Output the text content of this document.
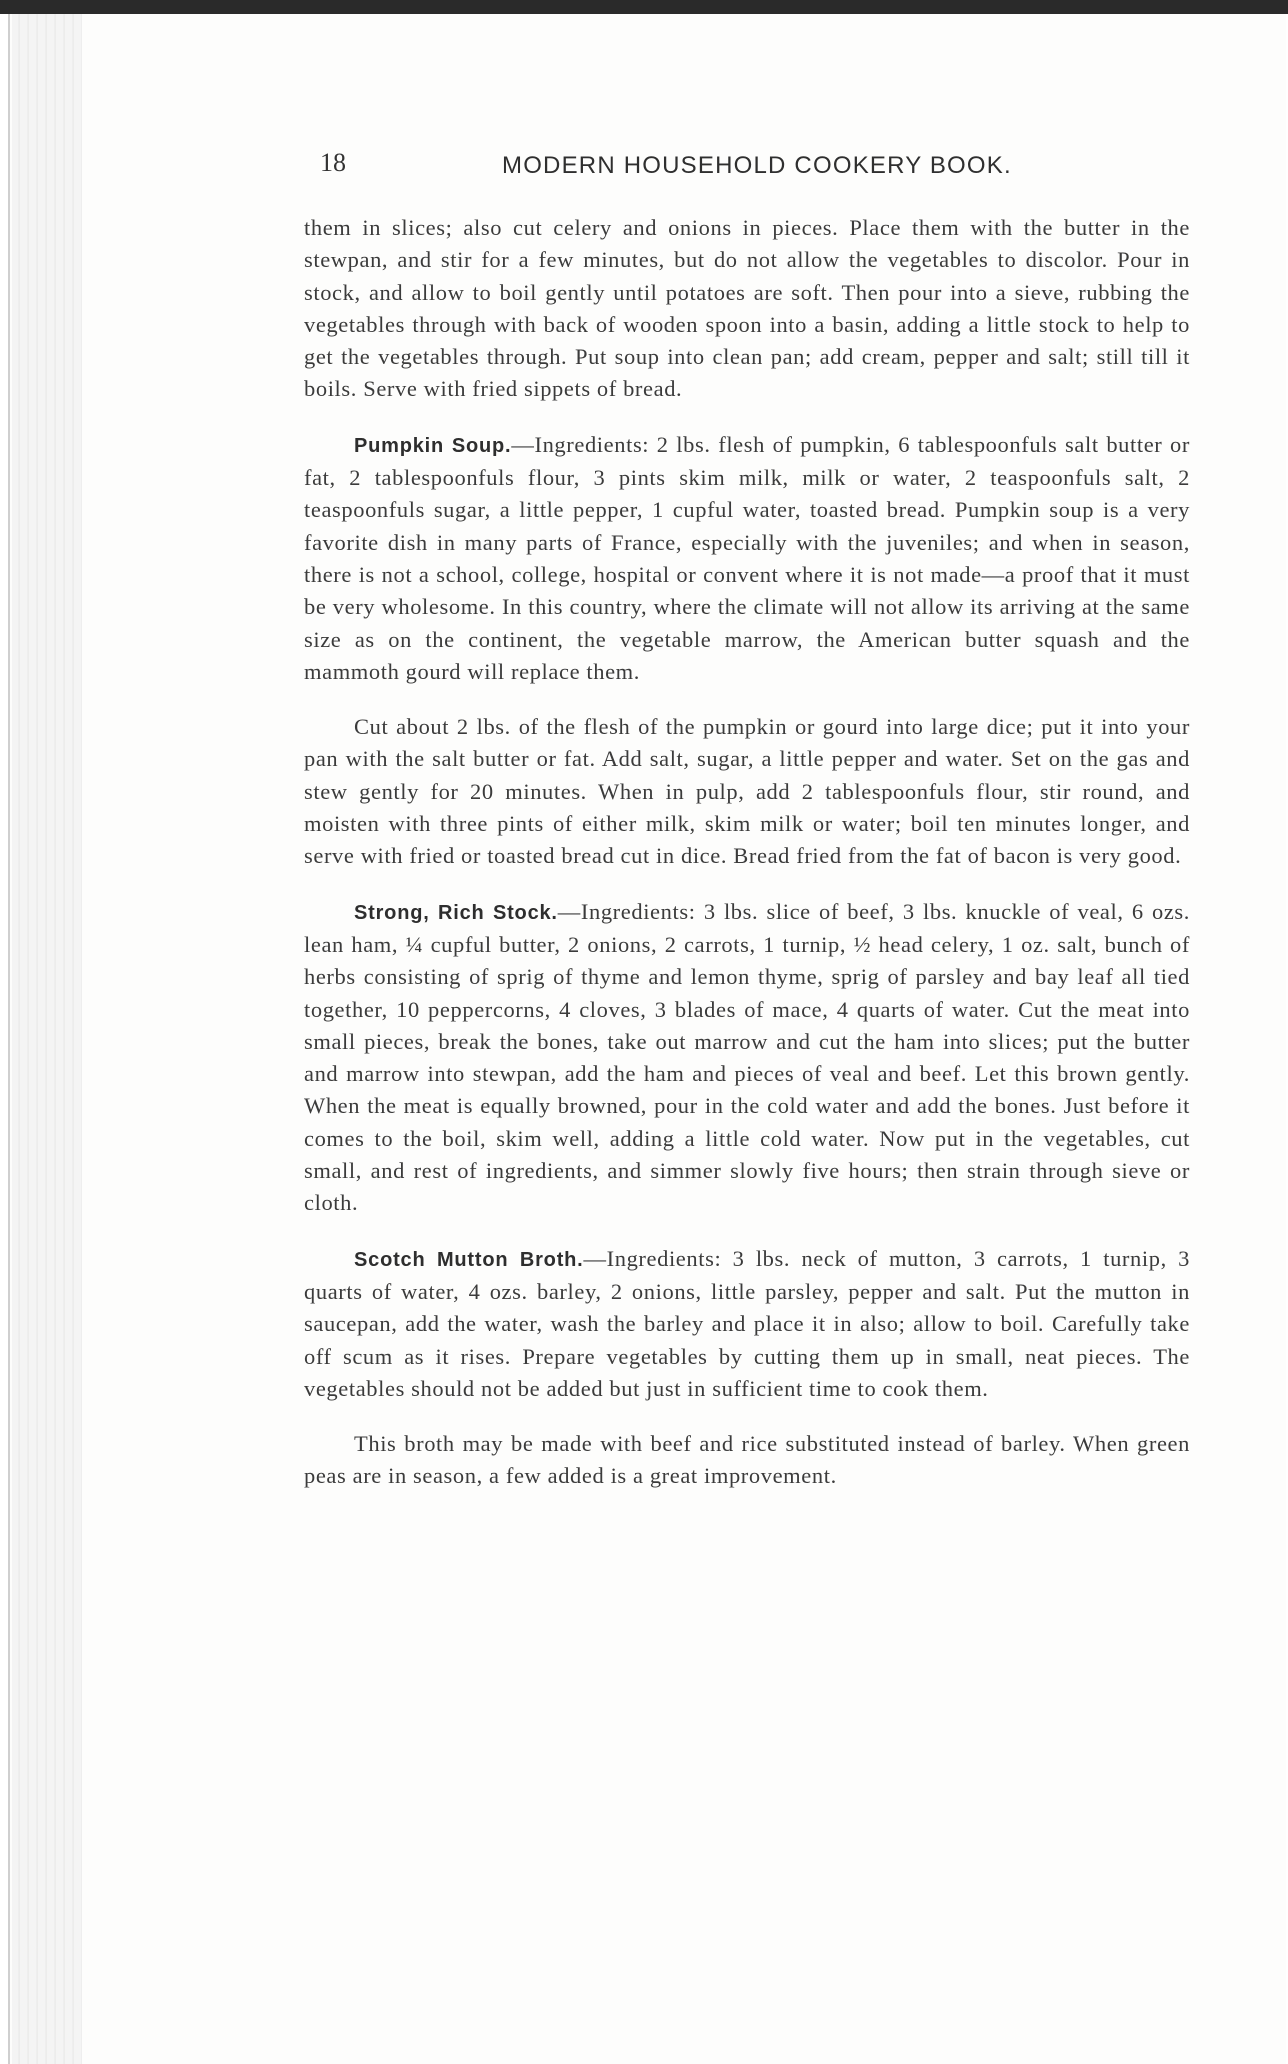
18	MODERN HOUSEHOLD COOKERY BOOK.

them in slices; also cut celery and onions in pieces. Place them with the butter in the stewpan, and stir for a few minutes, but do not allow the vegetables to discolor. Pour in stock, and allow to boil gently until potatoes are soft. Then pour into a sieve, rubbing the vegetables through with back of wooden spoon into a basin, adding a little stock to help to get the vegetables through. Put soup into clean pan; add cream, pepper and salt; still till it boils. Serve with fried sippets of bread.

Pumpkin Soup.—Ingredients: 2 lbs. flesh of pumpkin, 6 tablespoonfuls salt butter or fat, 2 tablespoonfuls flour, 3 pints skim milk, milk or water, 2 teaspoonfuls salt, 2 teaspoonfuls sugar, a little pepper, 1 cupful water, toasted bread. Pumpkin soup is a very favorite dish in many parts of France, especially with the juveniles; and when in season, there is not a school, college, hospital or convent where it is not made—a proof that it must be very wholesome. In this country, where the climate will not allow its arriving at the same size as on the continent, the vegetable marrow, the American butter squash and the mammoth gourd will replace them.

Cut about 2 lbs. of the flesh of the pumpkin or gourd into large dice; put it into your pan with the salt butter or fat. Add salt, sugar, a little pepper and water. Set on the gas and stew gently for 20 minutes. When in pulp, add 2 tablespoonfuls flour, stir round, and moisten with three pints of either milk, skim milk or water; boil ten minutes longer, and serve with fried or toasted bread cut in dice. Bread fried from the fat of bacon is very good.

Strong, Rich Stock.—Ingredients: 3 lbs. slice of beef, 3 lbs. knuckle of veal, 6 ozs. lean ham, ¼ cupful butter, 2 onions, 2 carrots, 1 turnip, ½ head celery, 1 oz. salt, bunch of herbs consisting of sprig of thyme and lemon thyme, sprig of parsley and bay leaf all tied together, 10 peppercorns, 4 cloves, 3 blades of mace, 4 quarts of water. Cut the meat into small pieces, break the bones, take out marrow and cut the ham into slices; put the butter and marrow into stewpan, add the ham and pieces of veal and beef. Let this brown gently. When the meat is equally browned, pour in the cold water and add the bones. Just before it comes to the boil, skim well, adding a little cold water. Now put in the vegetables, cut small, and rest of ingredients, and simmer slowly five hours; then strain through sieve or cloth.

Scotch Mutton Broth.—Ingredients: 3 lbs. neck of mutton, 3 carrots, 1 turnip, 3 quarts of water, 4 ozs. barley, 2 onions, little parsley, pepper and salt. Put the mutton in saucepan, add the water, wash the barley and place it in also; allow to boil. Carefully take off scum as it rises. Prepare vegetables by cutting them up in small, neat pieces. The vegetables should not be added but just in sufficient time to cook them.

This broth may be made with beef and rice substituted instead of barley. When green peas are in season, a few added is a great improvement.
